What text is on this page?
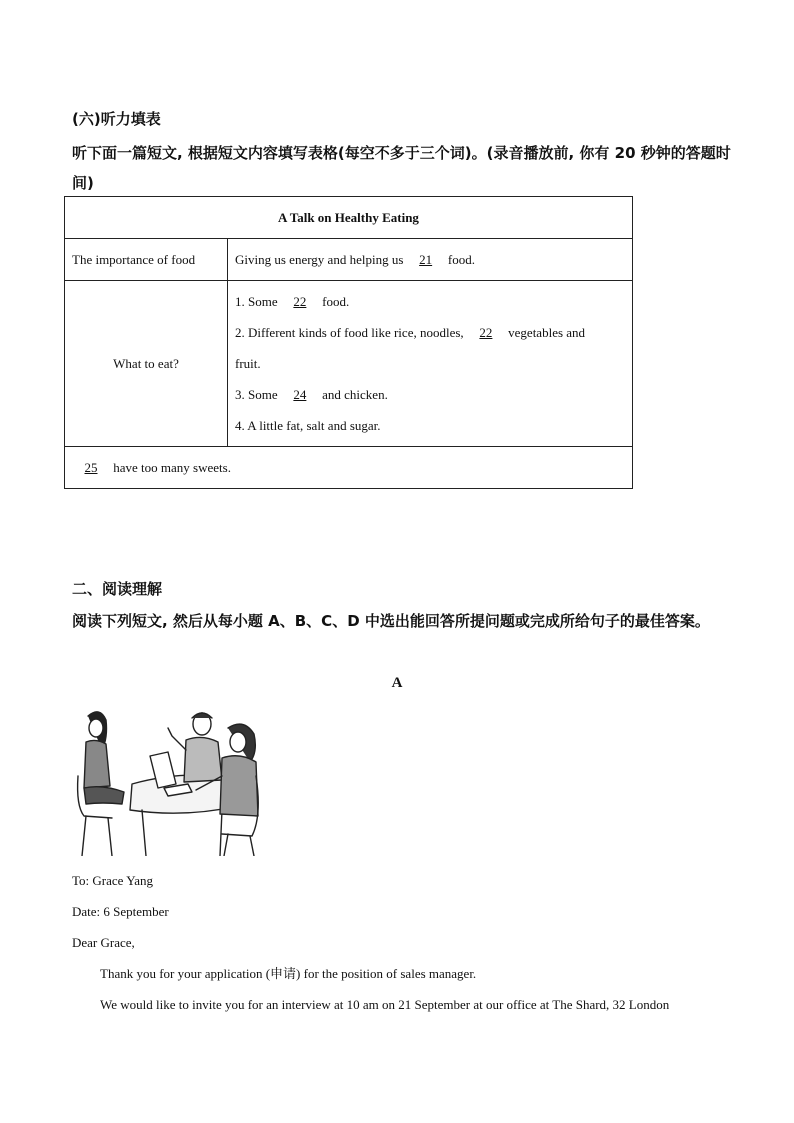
(六)听力填表
听下面一篇短文, 根据短文内容填写表格(每空不多于三个词)。(录音播放前, 你有 20 秒钟的答题时间)
A Talk on Healthy Eating	
The importance of food	Giving us energy and helping us 21 food.
What to eat?	1. Some 22 food.
2. Different kinds of food like rice, noodles, 22 vegetables and
fruit.
3. Some 24 and chicken.
4. A little fat, salt and sugar.

25 have too many sweets.	
二、阅读理解
阅读下列短文, 然后从每小题 A、B、C、D 中选出能回答所提问题或完成所给句子的最佳答案。
A
To: Grace Yang
Date: 6 September
Dear Grace,
Thank you for your application (申请) for the position of sales manager.
We would like to invite you for an interview at 10 am on 21 September at our office at The Shard, 32 London
